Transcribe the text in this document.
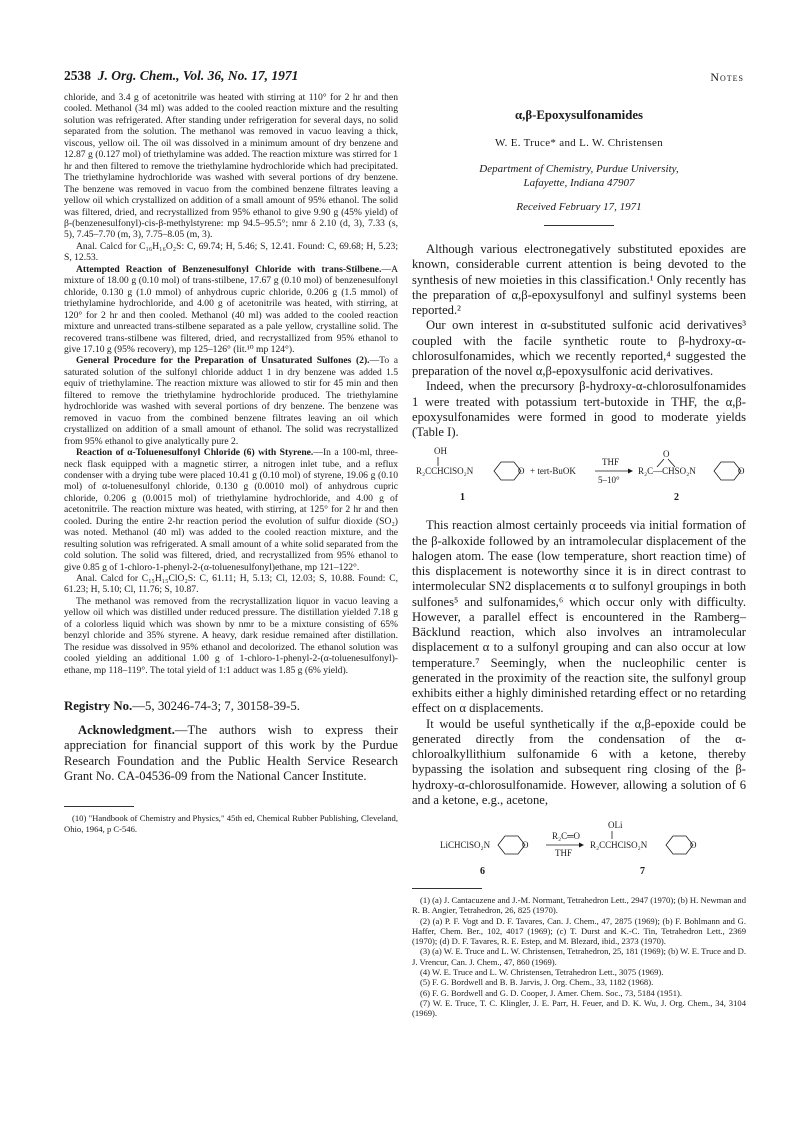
2538 J. Org. Chem., Vol. 36, No. 17, 1971	Notes

chloride, and 3.4 g of acetonitrile was heated with stirring at 110° for 2 hr and then cooled. Methanol (34 ml) was added to the cooled reaction mixture and the resulting solution was refrigerated. After standing under refrigeration for several days, no solid separated from the solution. The methanol was removed in vacuo leaving a thick, viscous, yellow oil. The oil was dissolved in a minimum amount of dry benzene and 12.87 g (0.127 mol) of triethylamine was added. The reaction mixture was stirred for 1 hr and then filtered to remove the triethylamine hydrochloride which had precipitated. The triethylamine hydrochloride was washed with several portions of dry benzene. The benzene was removed in vacuo from the combined benzene filtrates leaving a yellow oil which crystallized on addition of a small amount of 95% ethanol. The solid was filtered, dried, and recrystallized from 95% ethanol to give 9.90 g (45% yield) of β-(benzenesulfonyl)-cis-β-methylstyrene: mp 94.5–95.5°; nmr δ 2.10 (d, 3), 7.33 (s, 5), 7.45–7.70 (m, 3), 7.75–8.05 (m, 3).

Anal. Calcd for C₁₆H₁₆O₂S: C, 69.74; H, 5.46; S, 12.41. Found: C, 69.68; H, 5.23; S, 12.53.

Attempted Reaction of Benzenesulfonyl Chloride with trans-Stilbene.—A mixture of 18.00 g (0.10 mol) of trans-stilbene, 17.67 g (0.10 mol) of benzenesulfonyl chloride, 0.130 g (1.0 mmol) of anhydrous cupric chloride, 0.206 g (1.5 mmol) of triethylamine hydrochloride, and 4.00 g of acetonitrile was heated, with stirring, at 120° for 2 hr and then cooled. Methanol (40 ml) was added to the cooled reaction mixture and unreacted trans-stilbene separated as a pale yellow, crystalline solid. The recovered trans-stilbene was filtered, dried, and recrystallized from 95% ethanol to give 17.10 g (95% recovery), mp 125–126° (lit.¹⁰ mp 124°).

General Procedure for the Preparation of Unsaturated Sulfones (2).—To a saturated solution of the sulfonyl chloride adduct 1 in dry benzene was added 1.5 equiv of triethylamine. The reaction mixture was allowed to stir for 45 min and then filtered to remove the triethylamine hydrochloride produced. The triethylamine hydrochloride was washed with several portions of dry benzene. The benzene was removed in vacuo from the combined benzene filtrates leaving an oil which crystallized on addition of a small amount of ethanol. The solid was recrystallized from 95% ethanol to give analytically pure 2.

Reaction of α-Toluenesulfonyl Chloride (6) with Styrene.—In a 100-ml, three-neck flask equipped with a magnetic stirrer, a nitrogen inlet tube, and a reflux condenser with a drying tube were placed 10.41 g (0.10 mol) of styrene, 19.06 g (0.10 mol) of α-toluenesulfonyl chloride, 0.130 g (0.0010 mol) of anhydrous cupric chloride, 0.206 g (0.0015 mol) of triethylamine hydrochloride, and 4.00 g of acetonitrile. The reaction mixture was heated, with stirring, at 125° for 2 hr and then cooled. During the entire 2-hr reaction period the evolution of sulfur dioxide (SO₂) was noted. Methanol (40 ml) was added to the cooled reaction mixture, and the resulting solution was refrigerated. A small amount of a white solid separated from the cold solution. The solid was filtered, dried, and recrystallized from 95% ethanol to give 0.85 g of 1-chloro-1-phenyl-2-(α-toluenesulfonyl)ethane, mp 121–122°.

Anal. Calcd for C₁₅H₁₅ClO₂S: C, 61.11; H, 5.13; Cl, 12.03; S, 10.88. Found: C, 61.23; H, 5.10; Cl, 11.76; S, 10.87.

The methanol was removed from the recrystallization liquor in vacuo leaving a yellow oil which was distilled under reduced pressure. The distillation yielded 7.18 g of a colorless liquid which was shown by nmr to be a mixture consisting of 65% benzyl chloride and 35% styrene. A heavy, dark residue remained after distillation. The residue was dissolved in 95% ethanol and decolorized. The ethanol solution was cooled yielding an additional 1.00 g of 1-chloro-1-phenyl-2-(α-toluenesulfonyl)-ethane, mp 118–119°. The total yield of 1:1 adduct was 1.85 g (6% yield).

Registry No.—5, 30246-74-3; 7, 30158-39-5.
Acknowledgment.—The authors wish to express their appreciation for financial support of this work by the Purdue Research Foundation and the Public Health Service Research Grant No. CA-04536-09 from the National Cancer Institute.

(10) "Handbook of Chemistry and Physics," 45th ed, Chemical Rubber Publishing, Cleveland, Ohio, 1964, p C-546.

α,β-Epoxysulfonamides
W. E. Truce* and L. W. Christensen
Department of Chemistry, Purdue University,
Lafayette, Indiana 47907
Received February 17, 1971

Although various electronegatively substituted epoxides are known, considerable current attention is being devoted to the synthesis of new moieties in this classification.¹ Only recently has the preparation of α,β-epoxysulfonyl and sulfinyl systems been reported.²

Our own interest in α-substituted sulfonic acid derivatives³ coupled with the facile synthetic route to β-hydroxy-α-chlorosulfonamides, which we recently reported,⁴ suggested the preparation of the novel α,β-epoxysulfonic acid derivatives.

Indeed, when the precursory β-hydroxy-α-chlorosulfonamides 1 were treated with potassium tert-butoxide in THF, the α,β-epoxysulfonamides were formed in good to moderate yields (Table I).

OH
R₂CCHClSO₂N	O + tert-BuOK
THF
5–10°
O
R₂C—CHSO₂N	O
1	2

This reaction almost certainly proceeds via initial formation of the β-alkoxide followed by an intramolecular displacement of the halogen atom. The ease (low temperature, short reaction time) of this displacement is noteworthy since it is in direct contrast to intermolecular SN2 displacements α to sulfonyl groupings in both sulfones⁵ and sulfonamides,⁶ which occur only with difficulty. However, a parallel effect is encountered in the Ramberg–Bäcklund reaction, which also involves an intramolecular displacement α to a sulfonyl grouping and can also occur at low temperature.⁷ Seemingly, when the nucleophilic center is generated in the proximity of the reaction site, the sulfonyl group exhibits either a highly diminished retarding effect or no retarding effect on α displacements.

It would be useful synthetically if the α,β-epoxide could be generated directly from the condensation of the α-chloroalkyllithium sulfonamide 6 with a ketone, thereby bypassing the isolation and subsequent ring closing of the β-hydroxy-α-chlorosulfonamide. However, allowing a solution of 6 and a ketone, e.g., acetone,

LiCHClSO₂N	O
R₂C═O
THF
OLi
R₂CCHClSO₂N	O
6	7

(1) (a) J. Cantacuzene and J.-M. Normant, Tetrahedron Lett., 2947 (1970); (b) H. Newman and R. B. Angier, Tetrahedron, 26, 825 (1970).

(2) (a) P. F. Vogt and D. F. Tavares, Can. J. Chem., 47, 2875 (1969); (b) F. Bohlmann and G. Haffer, Chem. Ber., 102, 4017 (1969); (c) T. Durst and K.-C. Tin, Tetrahedron Lett., 2369 (1970); (d) D. F. Tavares, R. E. Estep, and M. Blezard, ibid., 2373 (1970).

(3) (a) W. E. Truce and L. W. Christensen, Tetrahedron, 25, 181 (1969); (b) W. E. Truce and D. J. Vrencur, Can. J. Chem., 47, 860 (1969).

(4) W. E. Truce and L. W. Christensen, Tetrahedron Lett., 3075 (1969).

(5) F. G. Bordwell and B. B. Jarvis, J. Org. Chem., 33, 1182 (1968).

(6) F. G. Bordwell and G. D. Cooper, J. Amer. Chem. Soc., 73, 5184 (1951).

(7) W. E. Truce, T. C. Klingler, J. E. Parr, H. Feuer, and D. K. Wu, J. Org. Chem., 34, 3104 (1969).
